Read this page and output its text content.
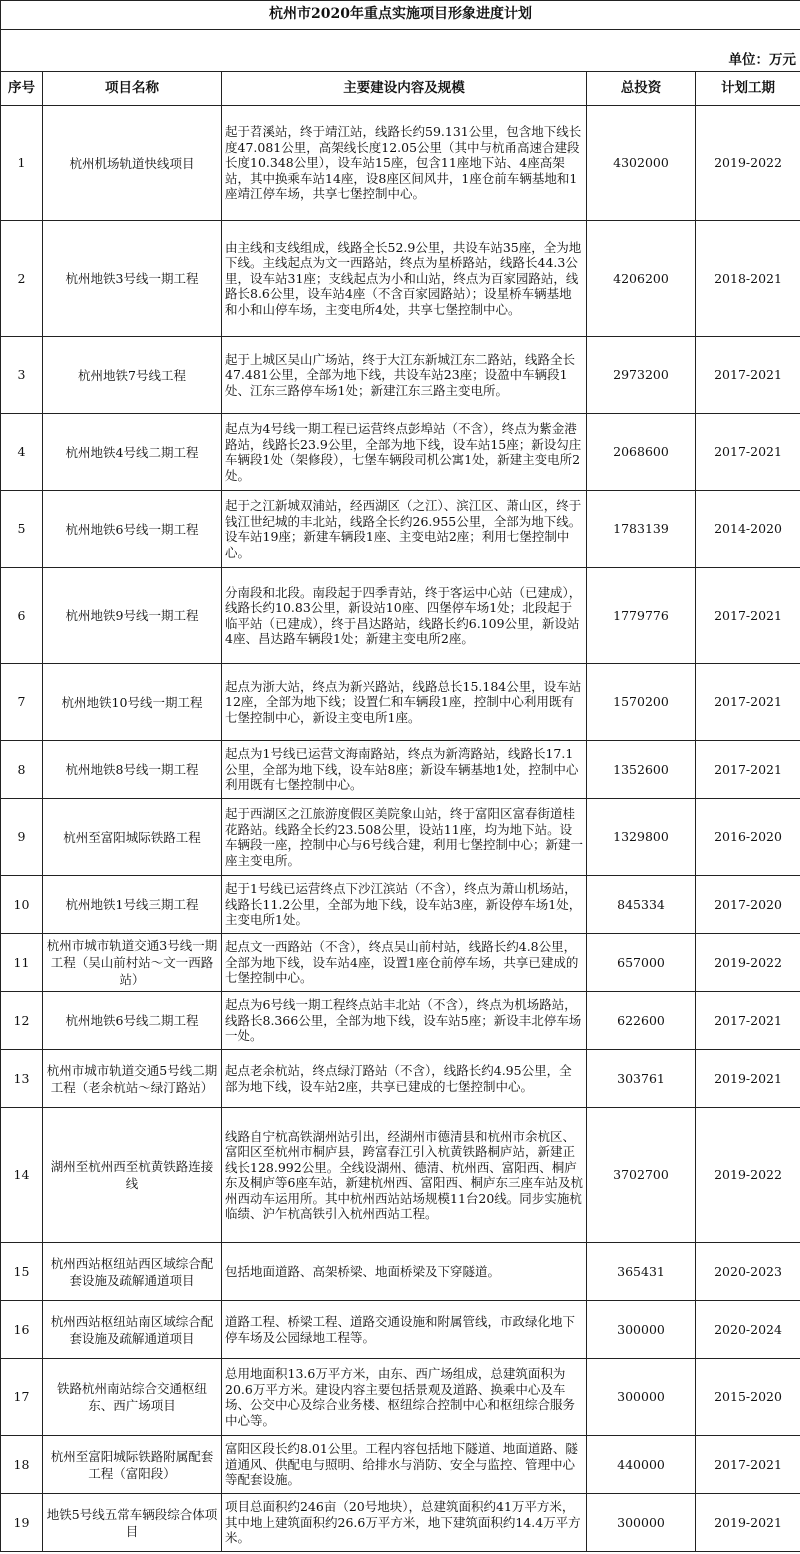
杭州市2020年重点实施项目形象进度计划				
单位：万元				
序号	项目名称	主要建设内容及规模	总投资	计划工期
1	杭州机场轨道快线项目	起于苕溪站，终于靖江站，线路长约59.131公里，包含地下线长度47.081公里，高架线长度12.05公里（其中与杭甬高速合建段长度10.348公里），设车站15座，包含11座地下站、4座高架站，其中换乘车站14座，设8座区间风井，1座仓前车辆基地和1座靖江停车场，共享七堡控制中心。	4302000	2019-2022
2	杭州地铁3号线一期工程	由主线和支线组成，线路全长52.9公里，共设车站35座，全为地下线。主线起点为文一西路站，终点为星桥路站，线路长44.3公里，设车站31座；支线起点为小和山站，终点为百家园路站，线路长8.6公里，设车站4座（不含百家园路站）；设星桥车辆基地和小和山停车场，主变电所4处，共享七堡控制中心。	4206200	2018-2021
3	杭州地铁7号线工程	起于上城区吴山广场站，终于大江东新城江东二路站，线路全长47.481公里，全部为地下线，共设车站23座；设盈中车辆段1处、江东三路停车场1处；新建江东三路主变电所。	2973200	2017-2021
4	杭州地铁4号线二期工程	起点为4号线一期工程已运营终点彭埠站（不含），终点为紫金港路站，线路长23.9公里，全部为地下线，设车站15座；新设勾庄车辆段1处（架修段），七堡车辆段司机公寓1处，新建主变电所2处。	2068600	2017-2021
5	杭州地铁6号线一期工程	起于之江新城双浦站，经西湖区（之江）、滨江区、萧山区，终于钱江世纪城的丰北站，线路全长约26.955公里，全部为地下线。设车站19座；新建车辆段1座、主变电站2座；利用七堡控制中心。	1783139	2014-2020
6	杭州地铁9号线一期工程	分南段和北段。南段起于四季青站，终于客运中心站（已建成），线路长约10.83公里，新设站10座、四堡停车场1处；北段起于临平站（已建成），终于昌达路站，线路长约6.109公里，新设站4座、昌达路车辆段1处；新建主变电所2座。	1779776	2017-2021
7	杭州地铁10号线一期工程	起点为浙大站，终点为新兴路站，线路总长15.184公里，设车站12座，全部为地下线；设置仁和车辆段1座，控制中心利用既有七堡控制中心，新设主变电所1座。	1570200	2017-2021
8	杭州地铁8号线一期工程	起点为1号线已运营文海南路站，终点为新湾路站，线路长17.1公里，全部为地下线，设车站8座；新设车辆基地1处，控制中心利用既有七堡控制中心。	1352600	2017-2021
9	杭州至富阳城际铁路工程	起于西湖区之江旅游度假区美院象山站，终于富阳区富春街道桂花路站。线路全长约23.508公里，设站11座，均为地下站。设车辆段一座，控制中心与6号线合建，利用七堡控制中心；新建一座主变电所。	1329800	2016-2020
10	杭州地铁1号线三期工程	起于1号线已运营终点下沙江滨站（不含），终点为萧山机场站，线路长11.2公里，全部为地下线，设车站3座，新设停车场1处，主变电所1处。	845334	2017-2020
11	杭州市城市轨道交通3号线一期工程（吴山前村站～文一西路站）	起点文一西路站（不含），终点吴山前村站，线路长约4.8公里，全部为地下线，设车站4座，设置1座仓前停车场，共享已建成的七堡控制中心。	657000	2019-2022
12	杭州地铁6号线二期工程	起点为6号线一期工程终点站丰北站（不含），终点为机场路站，线路长8.366公里，全部为地下线，设车站5座；新设丰北停车场一处。	622600	2017-2021
13	杭州市城市轨道交通5号线二期工程（老余杭站～绿汀路站）	起点老余杭站，终点绿汀路站（不含），线路长约4.95公里，全部为地下线，设车站2座，共享已建成的七堡控制中心。	303761	2019-2021
14	湖州至杭州西至杭黄铁路连接线	线路自宁杭高铁湖州站引出，经湖州市德清县和杭州市余杭区、富阳区至杭州市桐庐县，跨富春江引入杭黄铁路桐庐站，新建正线长128.992公里。全线设湖州、德清、杭州西、富阳西、桐庐东及桐庐等6座车站，新建杭州西、富阳西、桐庐东三座车站及杭州西动车运用所。其中杭州西站站场规模11台20线。同步实施杭临绩、沪乍杭高铁引入杭州西站工程。	3702700	2019-2022
15	杭州西站枢纽站西区域综合配套设施及疏解通道项目	包括地面道路、高架桥梁、地面桥梁及下穿隧道。	365431	2020-2023
16	杭州西站枢纽站南区域综合配套设施及疏解通道项目	道路工程、桥梁工程、道路交通设施和附属管线，市政绿化地下停车场及公园绿地工程等。	300000	2020-2024
17	铁路杭州南站综合交通枢纽东、西广场项目	总用地面积13.6万平方米，由东、西广场组成，总建筑面积为20.6万平方米。建设内容主要包括景观及道路、换乘中心及车场、公交中心及综合业务楼、枢纽综合控制中心和枢纽综合服务中心等。	300000	2015-2020
18	杭州至富阳城际铁路附属配套工程（富阳段）	富阳区段长约8.01公里。工程内容包括地下隧道、地面道路、隧道通风、供配电与照明、给排水与消防、安全与监控、管理中心等配套设施。	440000	2017-2021
19	地铁5号线五常车辆段综合体项目	项目总面积约246亩（20号地块），总建筑面积约41万平方米，其中地上建筑面积约26.6万平方米，地下建筑面积约14.4万平方米。	300000	2019-2021
